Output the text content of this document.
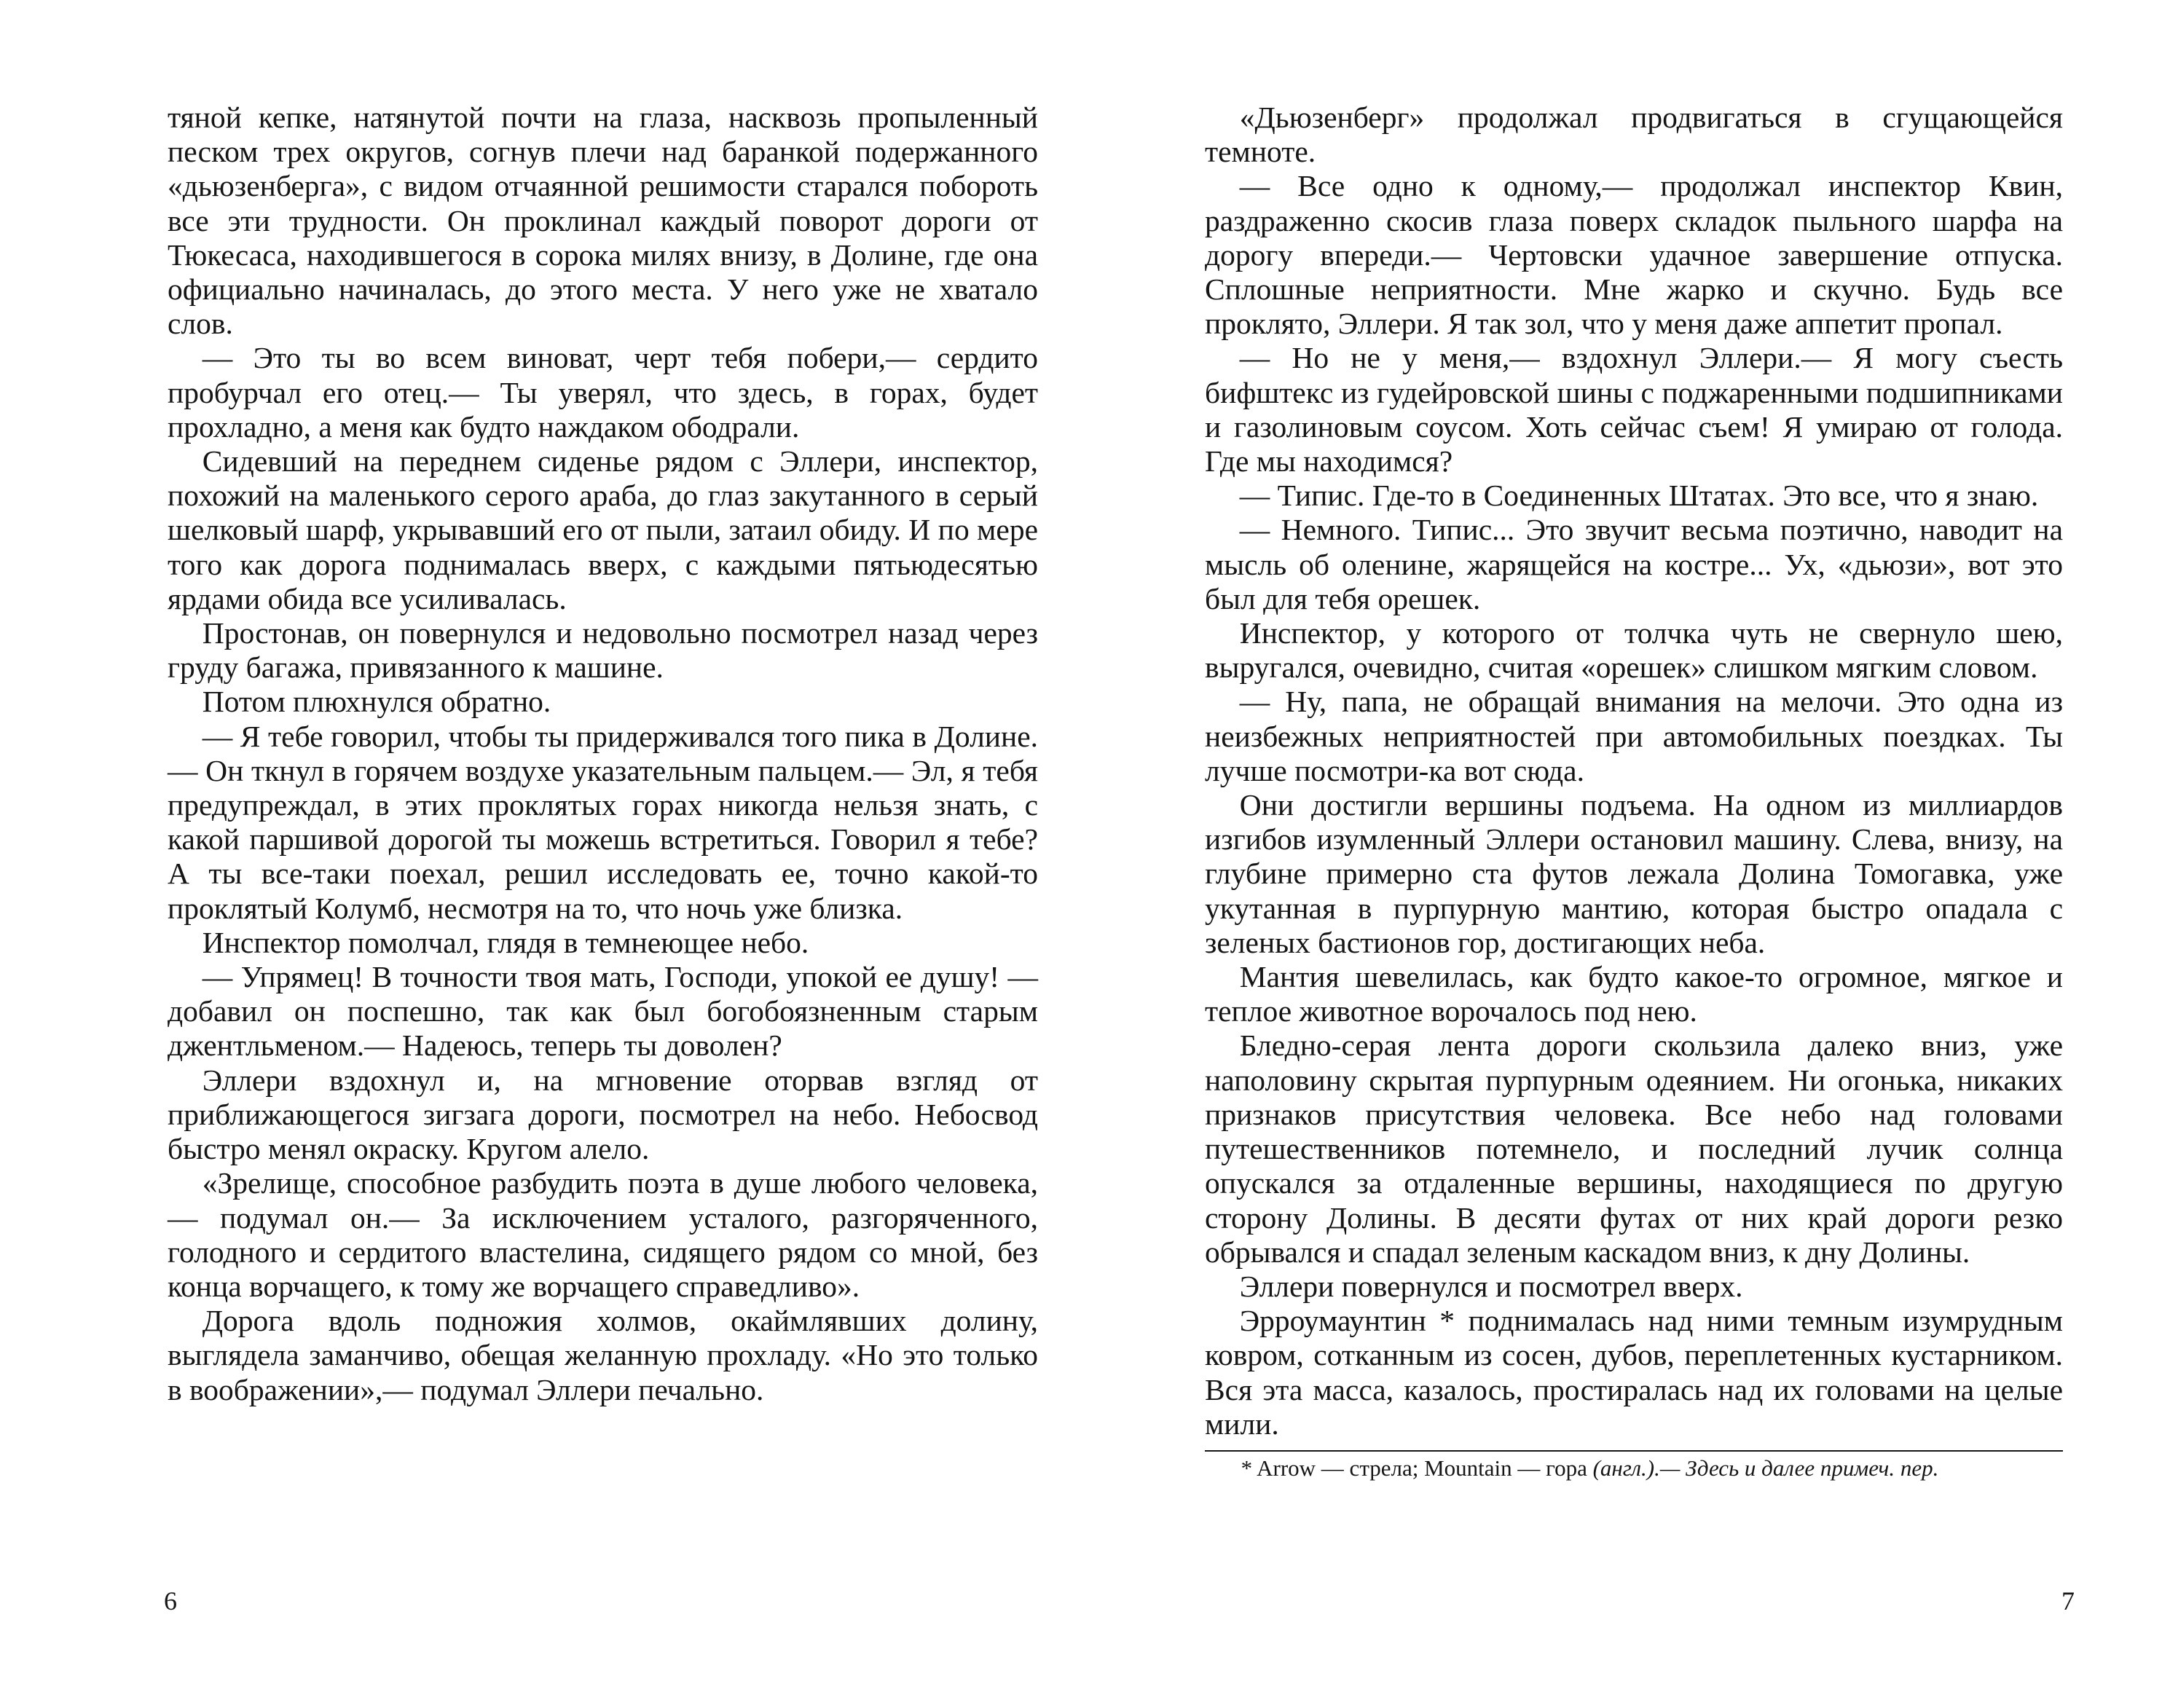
тяной кепке, натянутой почти на глаза, насквозь пропыленный песком трех округов, согнув плечи над баранкой подержанного «дьюзенберга», с видом отчаянной решимости старался побороть все эти трудности. Он проклинал каждый поворот дороги от Тюкесаса, находившегося в сорока милях внизу, в Долине, где она официально начиналась, до этого места. У него уже не хватало слов.

— Это ты во всем виноват, черт тебя побери,— сердито пробурчал его отец.— Ты уверял, что здесь, в горах, будет прохладно, а меня как будто наждаком ободрали.

Сидевший на переднем сиденье рядом с Эллери, инспектор, похожий на маленького серого араба, до глаз закутанного в серый шелковый шарф, укрывавший его от пыли, затаил обиду. И по мере того как дорога поднималась вверх, с каждыми пятьюдесятью ярдами обида все усиливалась.

Простонав, он повернулся и недовольно посмотрел назад через груду багажа, привязанного к машине.

Потом плюхнулся обратно.

— Я тебе говорил, чтобы ты придерживался того пика в Долине.— Он ткнул в горячем воздухе указательным пальцем.— Эл, я тебя предупреждал, в этих проклятых горах никогда нельзя знать, с какой паршивой дорогой ты можешь встретиться. Говорил я тебе? А ты все-таки поехал, решил исследовать ее, точно какой-то проклятый Колумб, несмотря на то, что ночь уже близка.

Инспектор помолчал, глядя в темнеющее небо.

— Упрямец! В точности твоя мать, Господи, упокой ее душу! — добавил он поспешно, так как был богобоязненным старым джентльменом.— Надеюсь, теперь ты доволен?

Эллери вздохнул и, на мгновение оторвав взгляд от приближающегося зигзага дороги, посмотрел на небо. Небосвод быстро менял окраску. Кругом алело.

«Зрелище, способное разбудить поэта в душе любого человека,— подумал он.— За исключением усталого, разгоряченного, голодного и сердитого властелина, сидящего рядом со мной, без конца ворчащего, к тому же ворчащего справедливо».

Дорога вдоль подножия холмов, окаймлявших долину, выглядела заманчиво, обещая желанную прохладу. «Но это только в воображении»,— подумал Эллери печально.

6

«Дьюзенберг» продолжал продвигаться в сгущающейся темноте.

— Все одно к одному,— продолжал инспектор Квин, раздраженно скосив глаза поверх складок пыльного шарфа на дорогу впереди.— Чертовски удачное завершение отпуска. Сплошные неприятности. Мне жарко и скучно. Будь все проклято, Эллери. Я так зол, что у меня даже аппетит пропал.

— Но не у меня,— вздохнул Эллери.— Я могу съесть бифштекс из гудейровской шины с поджаренными подшипниками и газолиновым соусом. Хоть сейчас съем! Я умираю от голода. Где мы находимся?

— Типис. Где-то в Соединенных Штатах. Это все, что я знаю.

— Немного. Типис... Это звучит весьма поэтично, наводит на мысль об оленине, жарящейся на костре... Ух, «дьюзи», вот это был для тебя орешек.

Инспектор, у которого от толчка чуть не свернуло шею, выругался, очевидно, считая «орешек» слишком мягким словом.

— Ну, папа, не обращай внимания на мелочи. Это одна из неизбежных неприятностей при автомобильных поездках. Ты лучше посмотри-ка вот сюда.

Они достигли вершины подъема. На одном из миллиардов изгибов изумленный Эллери остановил машину. Слева, внизу, на глубине примерно ста футов лежала Долина Томогавка, уже укутанная в пурпурную мантию, которая быстро опадала с зеленых бастионов гор, достигающих неба.

Мантия шевелилась, как будто какое-то огромное, мягкое и теплое животное ворочалось под нею.

Бледно-серая лента дороги скользила далеко вниз, уже наполовину скрытая пурпурным одеянием. Ни огонька, никаких признаков присутствия человека. Все небо над головами путешественников потемнело, и последний лучик солнца опускался за отдаленные вершины, находящиеся по другую сторону Долины. В десяти футах от них край дороги резко обрывался и спадал зеленым каскадом вниз, к дну Долины.

Эллери повернулся и посмотрел вверх.

Эрроумаунтин * поднималась над ними темным изумрудным ковром, сотканным из сосен, дубов, переплетенных кустарником. Вся эта масса, казалось, простиралась над их головами на целые мили.

* Arrow — стрела; Mountain — гора (англ.).— Здесь и далее примеч. пер.
7
